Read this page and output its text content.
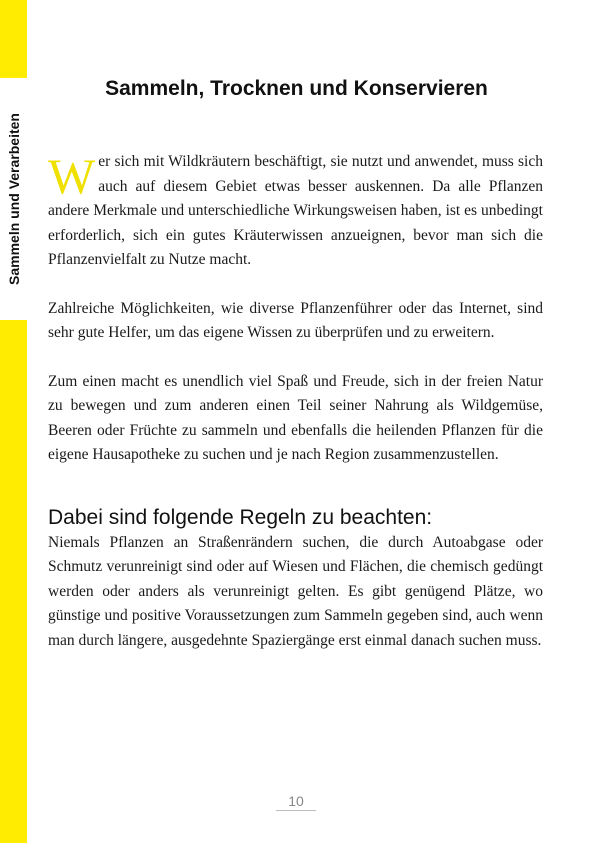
Sammeln und Verarbeiten
Sammeln, Trocknen und Konservieren

Wer sich mit Wildkräutern beschäftigt, sie nutzt und anwendet, muss sich auch auf diesem Gebiet etwas besser auskennen. Da alle Pflanzen andere Merkmale und unterschiedliche Wirkungsweisen haben, ist es unbedingt erforderlich, sich ein gutes Kräuterwissen anzueignen, bevor man sich die Pflanzenvielfalt zu Nutze macht.

Zahlreiche Möglichkeiten, wie diverse Pflanzenführer oder das Internet, sind sehr gute Helfer, um das eigene Wissen zu überprüfen und zu erweitern.

Zum einen macht es unendlich viel Spaß und Freude, sich in der freien Natur zu bewegen und zum anderen einen Teil seiner Nahrung als Wildgemüse, Beeren oder Früchte zu sammeln und ebenfalls die heilenden Pflanzen für die eigene Hausapotheke zu suchen und je nach Region zusammenzustellen.

Dabei sind folgende Regeln zu beachten:

Niemals Pflanzen an Straßenrändern suchen, die durch Autoabgase oder Schmutz verunreinigt sind oder auf Wiesen und Flächen, die chemisch gedüngt werden oder anders als verunreinigt gelten. Es gibt genügend Plätze, wo günstige und positive Voraussetzungen zum Sammeln gegeben sind, auch wenn man durch längere, ausgedehnte Spaziergänge erst einmal danach suchen muss.

10
